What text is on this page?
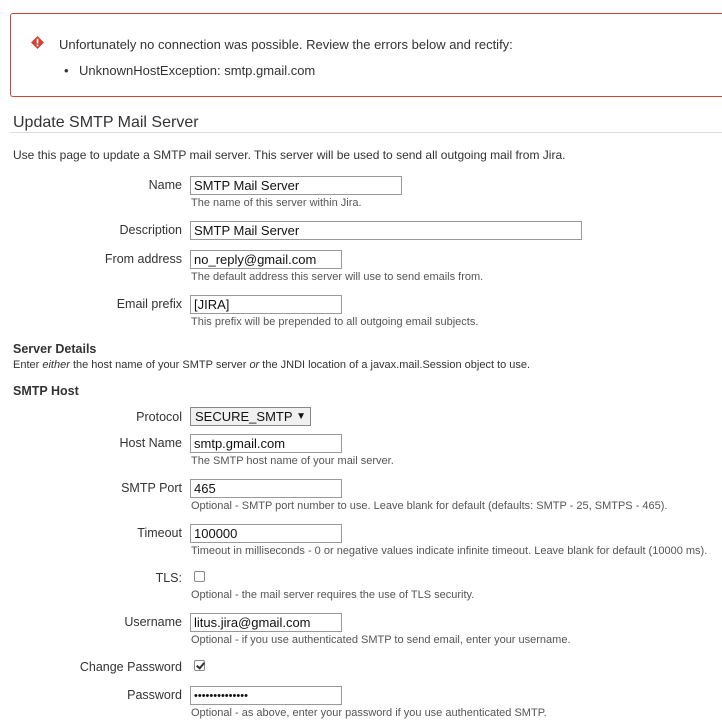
Unfortunately no connection was possible. Review the errors below and rectify:
• UnknownHostException: smtp.gmail.com
Update SMTP Mail Server
Use this page to update a SMTP mail server. This server will be used to send all outgoing mail from Jira.
Name
SMTP Mail Server
The name of this server within Jira.
Description
SMTP Mail Server
From address
no_reply@gmail.com
The default address this server will use to send emails from.
Email prefix
[JIRA]
This prefix will be prepended to all outgoing email subjects.
Server Details
Enter either the host name of your SMTP server or the JNDI location of a javax.mail.Session object to use.
SMTP Host
Protocol SECURE_SMTP ▼
Host Name
smtp.gmail.com
The SMTP host name of your mail server.
SMTP Port
465
Optional - SMTP port number to use. Leave blank for default (defaults: SMTP - 25, SMTPS - 465).
Timeout
100000
Timeout in milliseconds - 0 or negative values indicate infinite timeout. Leave blank for default (10000 ms).
TLS:
Optional - the mail server requires the use of TLS security.
Username
litus.jira@gmail.com
Optional - if you use authenticated SMTP to send email, enter your username.
Change Password
Password
Optional - as above, enter your password if you use authenticated SMTP.
